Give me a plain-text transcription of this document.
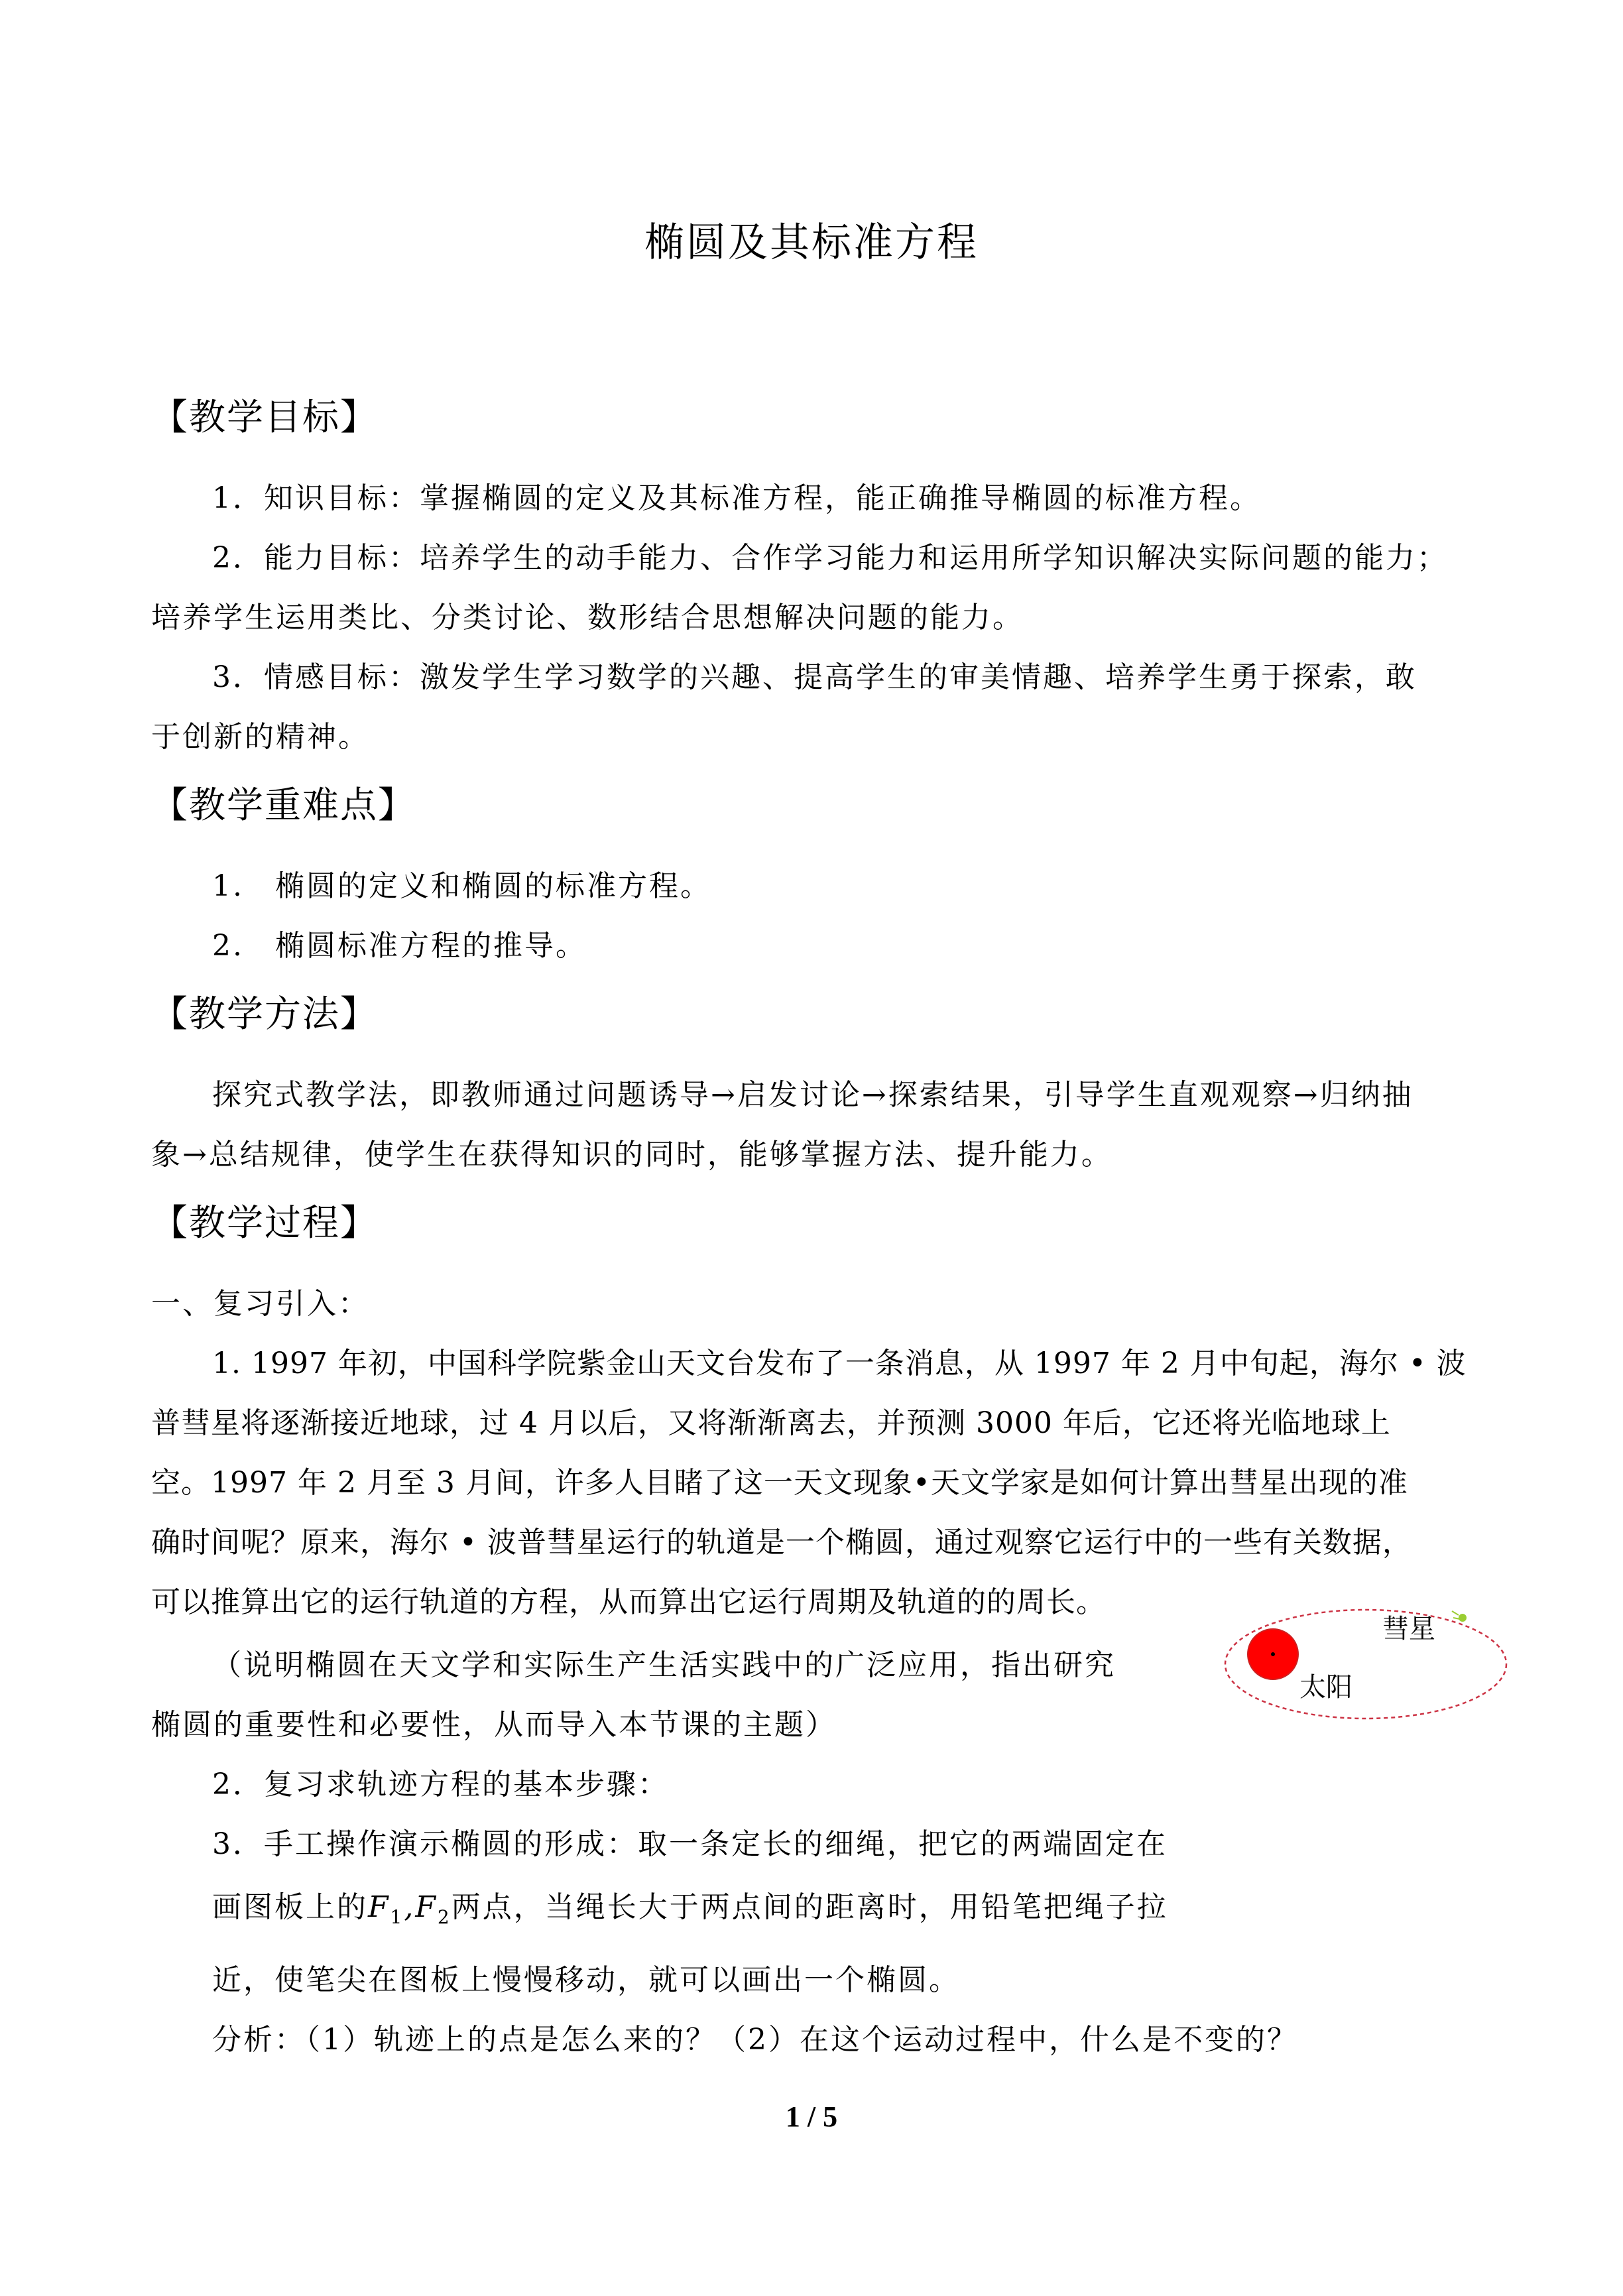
椭圆及其标准方程
【教学目标】
1．知识目标：掌握椭圆的定义及其标准方程，能正确推导椭圆的标准方程。
2．能力目标：培养学生的动手能力、合作学习能力和运用所学知识解决实际问题的能力；
培养学生运用类比、分类讨论、数形结合思想解决问题的能力。
3．情感目标：激发学生学习数学的兴趣、提高学生的审美情趣、培养学生勇于探索，敢
于创新的精神。
【教学重难点】
1.　椭圆的定义和椭圆的标准方程。
2.　椭圆标准方程的推导。
【教学方法】
探究式教学法，即教师通过问题诱导→启发讨论→探索结果，引导学生直观观察→归纳抽
象→总结规律，使学生在获得知识的同时，能够掌握方法、提升能力。
【教学过程】
一、复习引入：
1. 1997 年初，中国科学院紫金山天文台发布了一条消息，从 1997 年 2 月中旬起，海尔 • 波
普彗星将逐渐接近地球，过 4 月以后，又将渐渐离去，并预测 3000 年后，它还将光临地球上
空。1997 年 2 月至 3 月间，许多人目睹了这一天文现象•天文学家是如何计算出彗星出现的准
确时间呢？原来，海尔 • 波普彗星运行的轨道是一个椭圆，通过观察它运行中的一些有关数据，
可以推算出它的运行轨道的方程，从而算出它运行周期及轨道的的周长。
（说明椭圆在天文学和实际生产生活实践中的广泛应用，指出研究
椭圆的重要性和必要性，从而导入本节课的主题）
2．复习求轨迹方程的基本步骤：
3．手工操作演示椭圆的形成：取一条定长的细绳，把它的两端固定在
画图板上的$F_1,F_2$两点，当绳长大于两点间的距离时，用铅笔把绳子拉
近，使笔尖在图板上慢慢移动，就可以画出一个椭圆。
分析：（1）轨迹上的点是怎么来的？（2）在这个运动过程中，什么是不变的？
太阳
彗星
1 / 5
